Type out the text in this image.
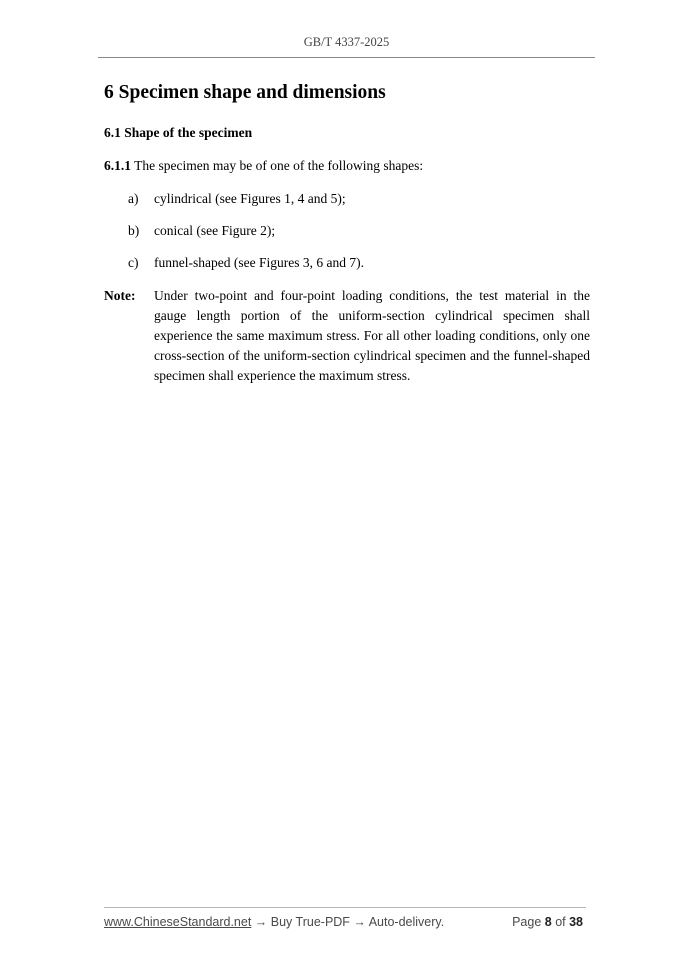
GB/T 4337-2025
6 Specimen shape and dimensions
6.1 Shape of the specimen

6.1.1 The specimen may be of one of the following shapes:

a) cylindrical (see Figures 1, 4 and 5);
b) conical (see Figure 2);
c) funnel-shaped (see Figures 3, 6 and 7).
Note: Under two-point and four-point loading conditions, the test material in the gauge length portion of the uniform-section cylindrical specimen shall experience the same maximum stress. For all other loading conditions, only one cross-section of the uniform-section cylindrical specimen and the funnel-shaped specimen shall experience the maximum stress.
www.ChineseStandard.net → Buy True-PDF → Auto-delivery.	Page 8 of 38
